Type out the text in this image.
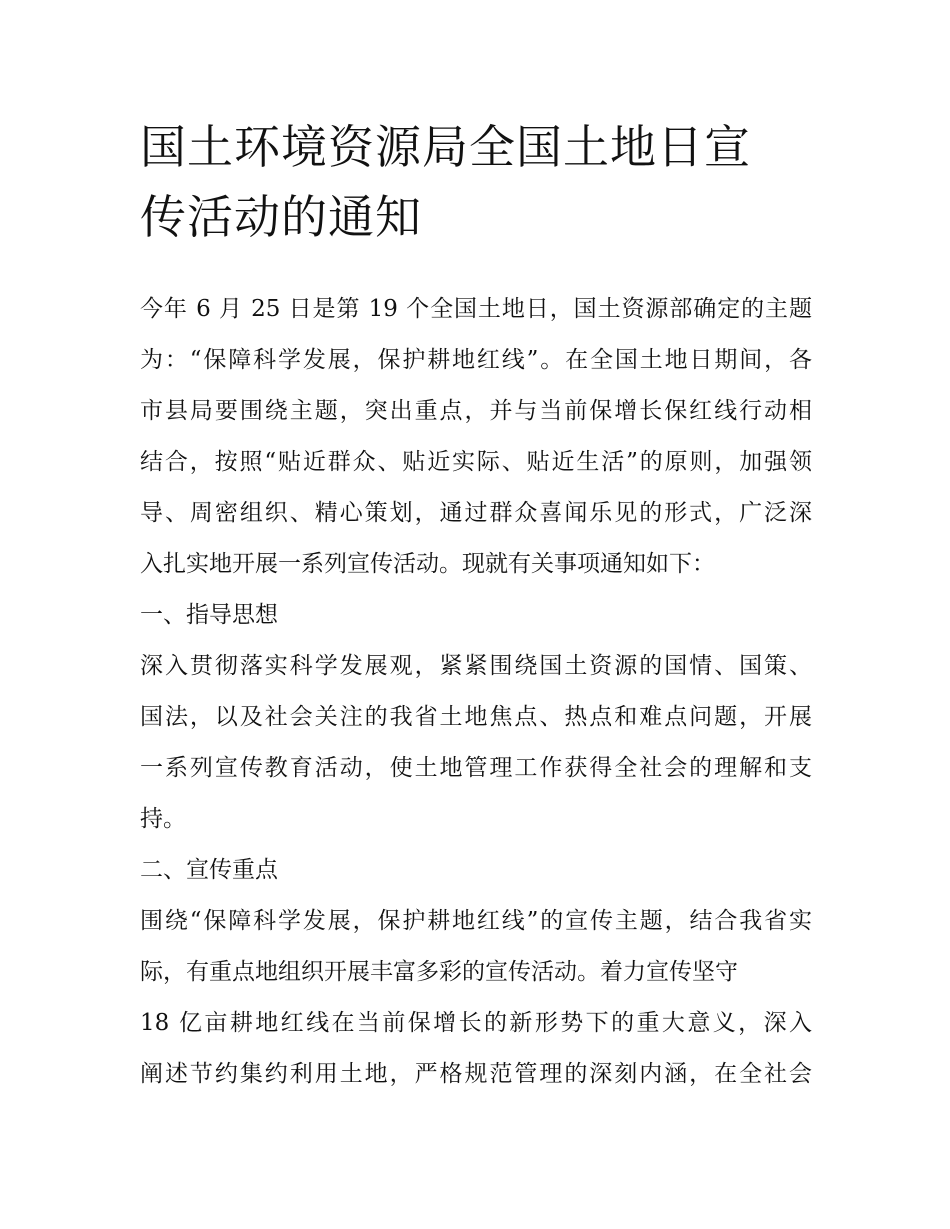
国土环境资源局全国土地日宣
传活动的通知
今年 6 月 25 日是第 19 个全国土地日，国土资源部确定的主题
为：“保障科学发展，保护耕地红线”。在全国土地日期间，各
市县局要围绕主题，突出重点，并与当前保增长保红线行动相
结合，按照“贴近群众、贴近实际、贴近生活”的原则，加强领
导、周密组织、精心策划，通过群众喜闻乐见的形式，广泛深
入扎实地开展一系列宣传活动。现就有关事项通知如下：
一、指导思想
深入贯彻落实科学发展观，紧紧围绕国土资源的国情、国策、
国法，以及社会关注的我省土地焦点、热点和难点问题，开展
一系列宣传教育活动，使土地管理工作获得全社会的理解和支
持。
二、宣传重点
围绕“保障科学发展，保护耕地红线”的宣传主题，结合我省实
际，有重点地组织开展丰富多彩的宣传活动。着力宣传坚守
18 亿亩耕地红线在当前保增长的新形势下的重大意义，深入
阐述节约集约利用土地，严格规范管理的深刻内涵，在全社会
